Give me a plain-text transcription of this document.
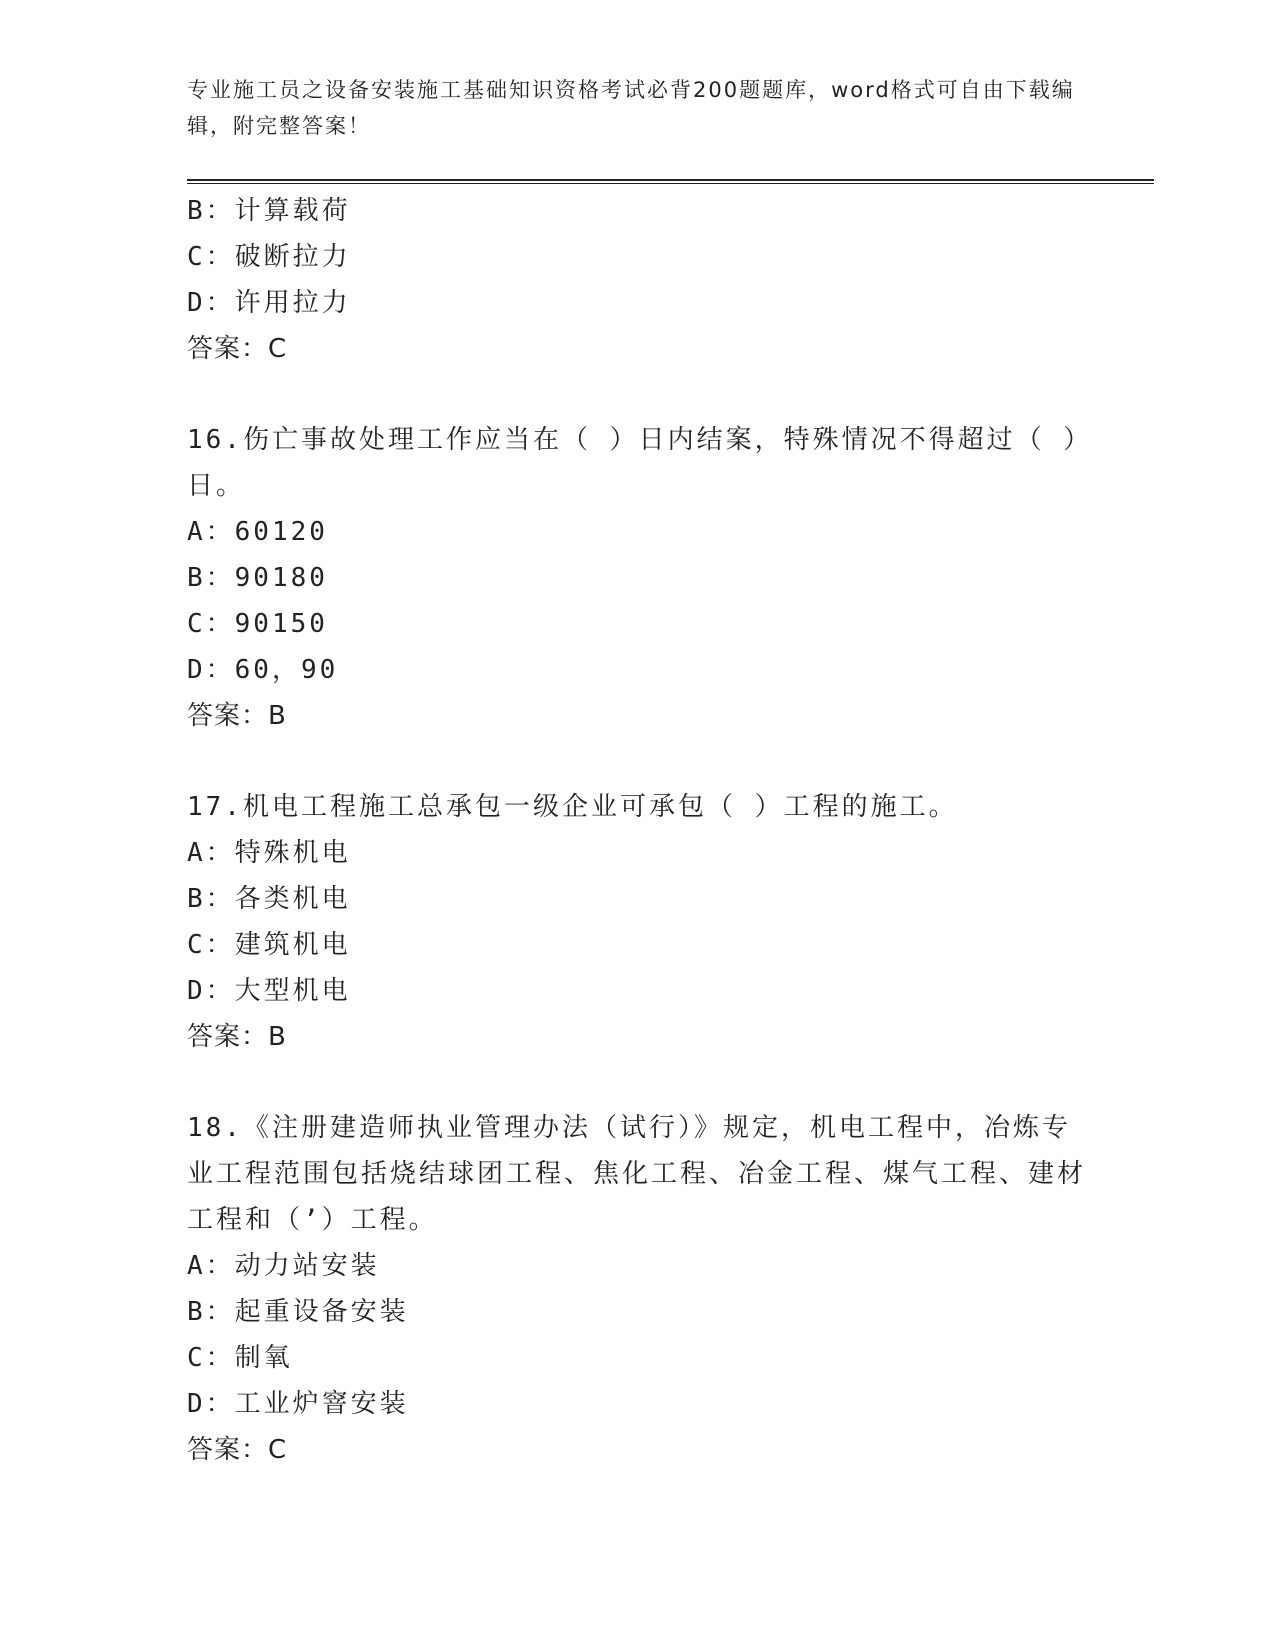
专业施工员之设备安装施工基础知识资格考试必背200题题库，word格式可自由下载编辑，附完整答案！
B：计算载荷
C：破断拉力
D：许用拉力
答案：C
16.伤亡事故处理工作应当在（ ）日内结案，特殊情况不得超过（ ）日。
A：60120
B：90180
C：90150
D：60，90
答案：B
17.机电工程施工总承包一级企业可承包（ ）工程的施工。
A：特殊机电
B：各类机电
C：建筑机电
D：大型机电
答案：B
18.《注册建造师执业管理办法（试行）》规定，机电工程中，冶炼专业工程范围包括烧结球团工程、焦化工程、冶金工程、煤气工程、建材工程和（’）工程。
A：动力站安装
B：起重设备安装
C：制氧
D：工业炉窨安装
答案：C
